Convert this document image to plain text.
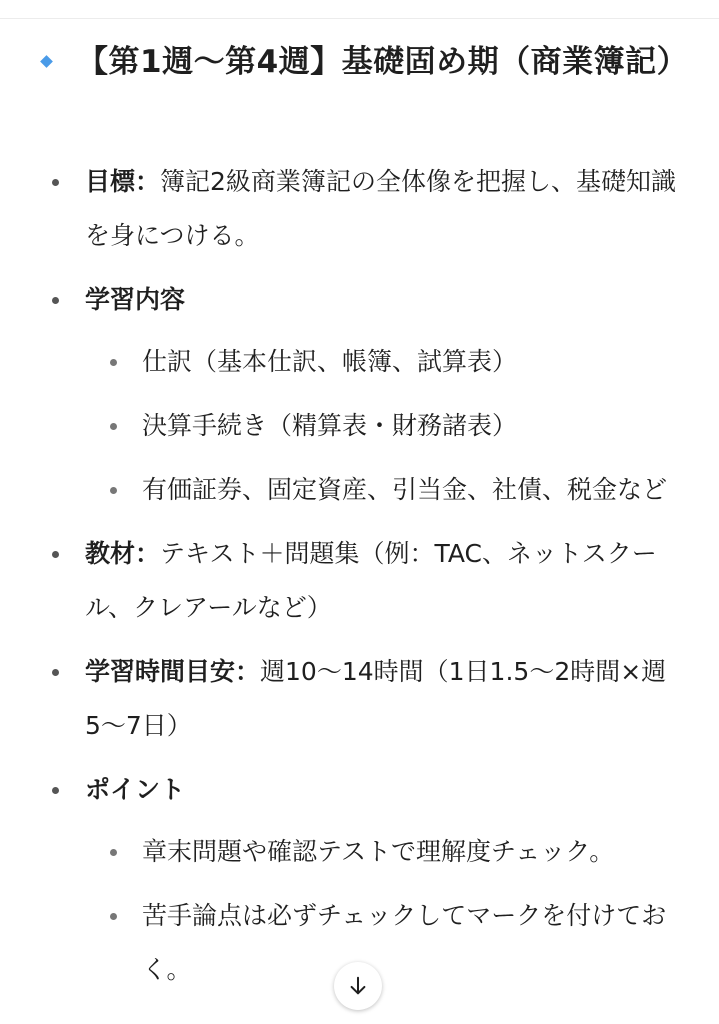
【第1週〜第4週】基礎固め期（商業簿記）
目標：簿記2級商業簿記の全体像を把握し、基礎知識を身につける。
学習内容
仕訳（基本仕訳、帳簿、試算表）
決算手続き（精算表・財務諸表）
有価証券、固定資産、引当金、社債、税金など
教材：テキスト＋問題集（例：TAC、ネットスクール、クレアールなど）
学習時間目安：週10〜14時間（1日1.5〜2時間×週5〜7日）
ポイント
章末問題や確認テストで理解度チェック。
苦手論点は必ずチェックしてマークを付けておく。
